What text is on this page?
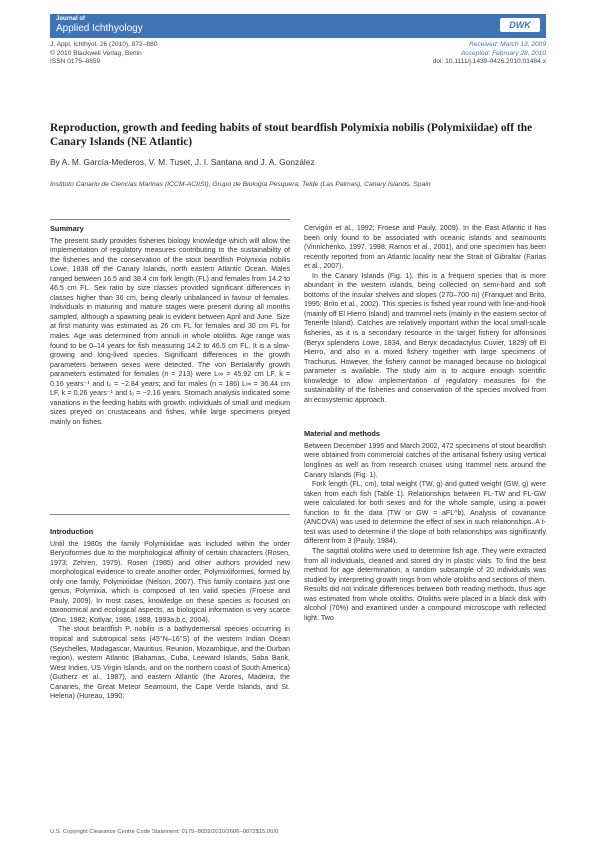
Journal of
Applied Ichthyology	DWK
J. Appl. Ichthyol. 26 (2010), 872–880
© 2010 Blackwell Verlag, Berlin
ISSN 0175–8659
Received: March 13, 2009
Accepted: February 28, 2010
doi: 10.1111/j.1439-0426.2010.01484.x
Reproduction, growth and feeding habits of stout beardfish Polymixia nobilis (Polymixiidae) off the Canary Islands (NE Atlantic)
By A. M. García-Mederos, V. M. Tuset, J. I. Santana and J. A. González
Instituto Canario de Ciencias Marinas (ICCM-ACIISI), Grupo de Biología Pesquera, Telde (Las Palmas), Canary Islands, Spain
Summary

The present study provides fisheries biology knowledge which will allow the implementation of regulatory measures contributing to the sustainability of the fisheries and the conservation of the stout beardfish Polymixia nobilis Lowe, 1838 off the Canary Islands, north eastern Atlantic Ocean. Males ranged between 16.5 and 38.4 cm fork length (FL) and females from 14.2 to 46.5 cm FL. Sex ratio by size classes provided significant differences in classes higher than 36 cm, being clearly unbalanced in favour of females. Individuals in maturing and mature stages were present during all months sampled, although a spawning peak is evident between April and June. Size at first maturity was estimated as 26 cm FL for females and 30 cm FL for males. Age was determined from annuli in whole otoliths. Age range was found to be 0–14 years for fish measuring 14.2 to 46.5 cm FL. It is a slow-growing and long-lived species. Significant differences in the growth parameters between sexes were detected. The von Bertalanffy growth parameters estimated for females (n = 213) were L∞ = 45.92 cm LF, k = 0.16 years⁻¹ and t₀ = −2.84 years; and for males (n = 186) L∞ = 36.44 cm LF, k = 0.26 years⁻¹ and t₀ = −2.16 years. Stomach analysis indicated some variations in the feeding habits with growth: individuals of small and medium sizes preyed on crustaceans and fishes, while large specimens preyed mainly on fishes.

Introduction

Until the 1980s the family Polymixiidae was included within the order Beryciformes due to the morphological affinity of certain characters (Rosen, 1973; Zehren, 1979). Rosen (1985) and other authors provided new morphological evidence to create another order, Polymixiiformes, formed by only one family, Polymixiidae (Nelson, 2007). This family contains just one genus, Polymixia, which is composed of ten valid species (Froese and Pauly, 2009). In most cases, knowledge on these species is focused on taxonomical and ecological aspects, as biological information is very scarce (Ono, 1982; Kotlyar, 1986, 1988, 1993a,b,c, 2004).

The stout beardfish P. nobilis is a bathydemersal species occurring in tropical and subtropical seas (45°N–16°S) of the western Indian Ocean (Seychelles, Madagascar, Mauritius, Reunion, Mozambique, and the Durban region), western Atlantic (Bahamas, Cuba, Leeward Islands, Saba Bank, West Indies, US Virgin Islands, and on the northern coast of South America) (Gutherz et al., 1987), and eastern Atlantic (the Azores, Madeira, the Canaries, the Great Meteor Seamount, the Cape Verde Islands, and St. Helena) (Hureau, 1990;

Cervigón et al., 1992; Froese and Pauly, 2009). In the East Atlantic it has been only found to be associated with oceanic islands and seamounts (Vinnichenko, 1997, 1998; Ramos et al., 2001), and one specimen has been recently reported from an Atlantic locality near the Strait of Gibraltar (Farias et al., 2007).

In the Canary Islands (Fig. 1), this is a frequent species that is more abundant in the western islands, being collected on semi-hard and soft bottoms of the insular shelves and slopes (270–700 m) (Franquet and Brito, 1995; Brito et al., 2002). This species is fished year round with line-and-hook (mainly off El Hierro Island) and trammel nets (mainly in the eastern sector of Tenerife Island). Catches are relatively important within the local small-scale fisheries, as it is a secondary resource in the target fishery for alfonsinos (Beryx splendens Lowe, 1834, and Beryx decadactylus Cuvier, 1829) off El Hierro, and also in a mixed fishery together with large specimens of Trachurus. However, the fishery cannot be managed because no biological parameter is available. The study aim is to acquire enough scientific knowledge to allow implementation of regulatory measures for the sustainability of the fisheries and conservation of the species involved from an ecosystemic approach.

Material and methods

Between December 1995 and March 2002, 472 specimens of stout beardfish were obtained from commercial catches of the artisanal fishery using vertical longlines as well as from research cruises using trammel nets around the Canary Islands (Fig. 1).

Fork length (FL, cm), total weight (TW, g) and gutted weight (GW, g) were taken from each fish (Table 1). Relationships between FL-TW and FL-GW were calculated for both sexes and for the whole sample, using a power function to fit the data (TW or GW = aFL^b). Analysis of covariance (ANCOVA) was used to determine the effect of sex in such relationships. A t-test was used to determine if the slope of both relationships was significantly different from 3 (Pauly, 1984).

The sagittal otoliths were used to determine fish age. They were extracted from all individuals, cleaned and stored dry in plastic vials. To find the best method for age determination, a random subsample of 20 individuals was studied by interpreting growth rings from whole otoliths and sections of them. Results did not indicate differences between both reading methods, thus age was estimated from whole otoliths. Otoliths were placed in a black disk with alcohol (70%) and examined under a compound microscope with reflected light. Two

U.S. Copyright Clearance Centre Code Statement: 0175–8659/2010/2606–0872$15.00/0
